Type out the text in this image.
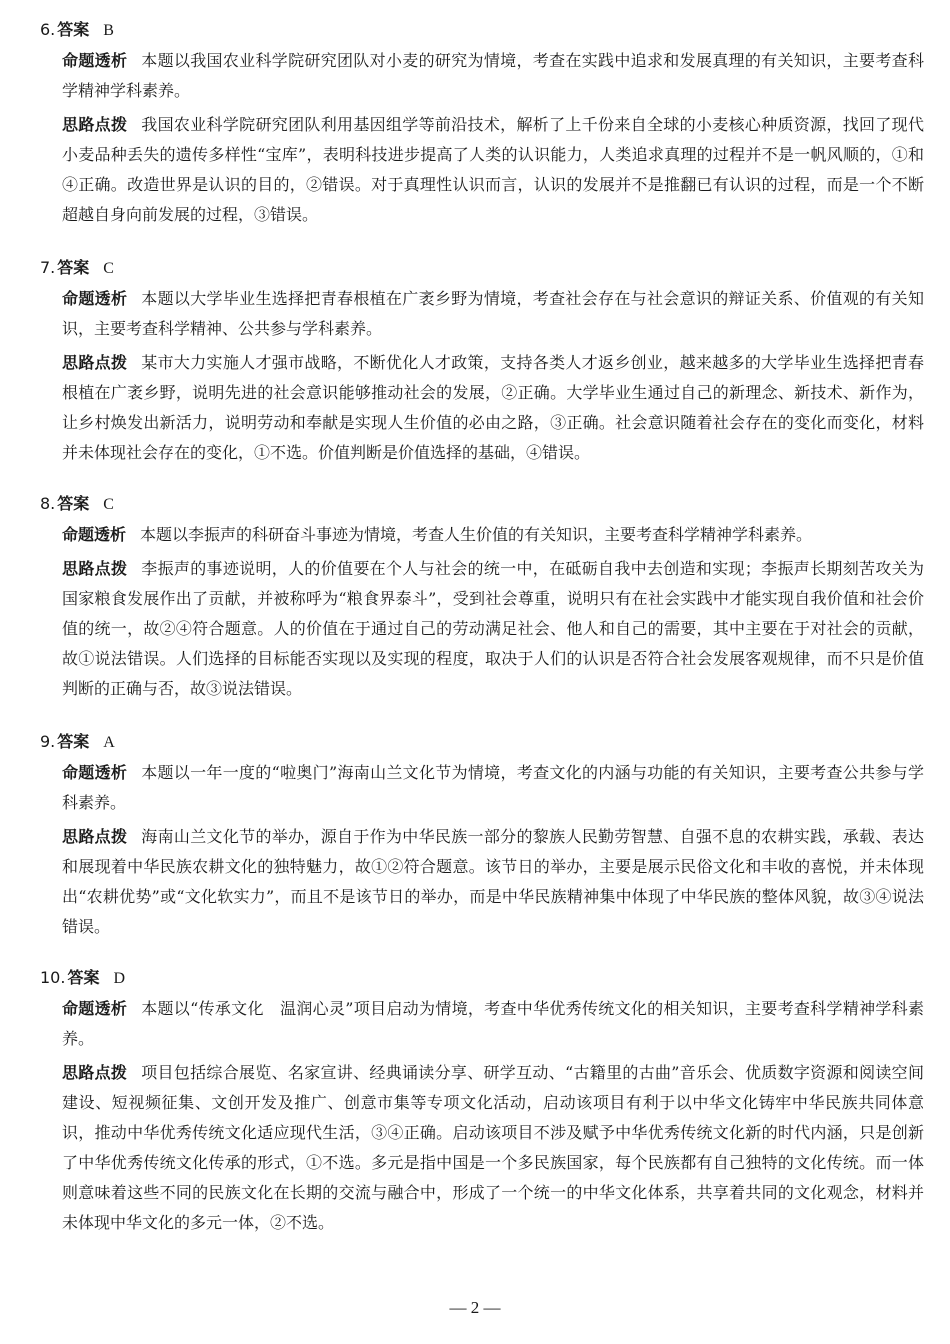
6. 答案 B
命题透析 本题以我国农业科学院研究团队对小麦的研究为情境，考查在实践中追求和发展真理的有关知识，主要考查科学精神学科素养。
思路点拨 我国农业科学院研究团队利用基因组学等前沿技术，解析了上千份来自全球的小麦核心种质资源，找回了现代小麦品种丢失的遗传多样性“宝库”，表明科技进步提高了人类的认识能力，人类追求真理的过程并不是一帆风顺的，①和④正确。改造世界是认识的目的，②错误。对于真理性认识而言，认识的发展并不是推翻已有认识的过程，而是一个不断超越自身向前发展的过程，③错误。
7. 答案 C
命题透析 本题以大学毕业生选择把青春根植在广袤乡野为情境，考查社会存在与社会意识的辩证关系、价值观的有关知识，主要考查科学精神、公共参与学科素养。
思路点拨 某市大力实施人才强市战略，不断优化人才政策，支持各类人才返乡创业，越来越多的大学毕业生选择把青春根植在广袤乡野，说明先进的社会意识能够推动社会的发展，②正确。大学毕业生通过自己的新理念、新技术、新作为，让乡村焕发出新活力，说明劳动和奉献是实现人生价值的必由之路，③正确。社会意识随着社会存在的变化而变化，材料并未体现社会存在的变化，①不选。价值判断是价值选择的基础，④错误。
8. 答案 C
命题透析 本题以李振声的科研奋斗事迹为情境，考查人生价值的有关知识，主要考查科学精神学科素养。
思路点拨 李振声的事迹说明，人的价值要在个人与社会的统一中，在砥砺自我中去创造和实现；李振声长期刻苦攻关为国家粮食发展作出了贡献，并被称呼为“粮食界泰斗”，受到社会尊重，说明只有在社会实践中才能实现自我价值和社会价值的统一，故②④符合题意。人的价值在于通过自己的劳动满足社会、他人和自己的需要，其中主要在于对社会的贡献，故①说法错误。人们选择的目标能否实现以及实现的程度，取决于人们的认识是否符合社会发展客观规律，而不只是价值判断的正确与否，故③说法错误。
9. 答案 A
命题透析 本题以一年一度的“啦奥门”海南山兰文化节为情境，考查文化的内涵与功能的有关知识，主要考查公共参与学科素养。
思路点拨 海南山兰文化节的举办，源自于作为中华民族一部分的黎族人民勤劳智慧、自强不息的农耕实践，承载、表达和展现着中华民族农耕文化的独特魅力，故①②符合题意。该节日的举办，主要是展示民俗文化和丰收的喜悦，并未体现出“农耕优势”或“文化软实力”，而且不是该节日的举办，而是中华民族精神集中体现了中华民族的整体风貌，故③④说法错误。
10. 答案 D
命题透析 本题以“传承文化　温润心灵”项目启动为情境，考查中华优秀传统文化的相关知识，主要考查科学精神学科素养。
思路点拨 项目包括综合展览、名家宣讲、经典诵读分享、研学互动、“古籍里的古曲”音乐会、优质数字资源和阅读空间建设、短视频征集、文创开发及推广、创意市集等专项文化活动，启动该项目有利于以中华文化铸牢中华民族共同体意识，推动中华优秀传统文化适应现代生活，③④正确。启动该项目不涉及赋予中华优秀传统文化新的时代内涵，只是创新了中华优秀传统文化传承的形式，①不选。多元是指中国是一个多民族国家，每个民族都有自己独特的文化传统。而一体则意味着这些不同的民族文化在长期的交流与融合中，形成了一个统一的中华文化体系，共享着共同的文化观念，材料并未体现中华文化的多元一体，②不选。
— 2 —
